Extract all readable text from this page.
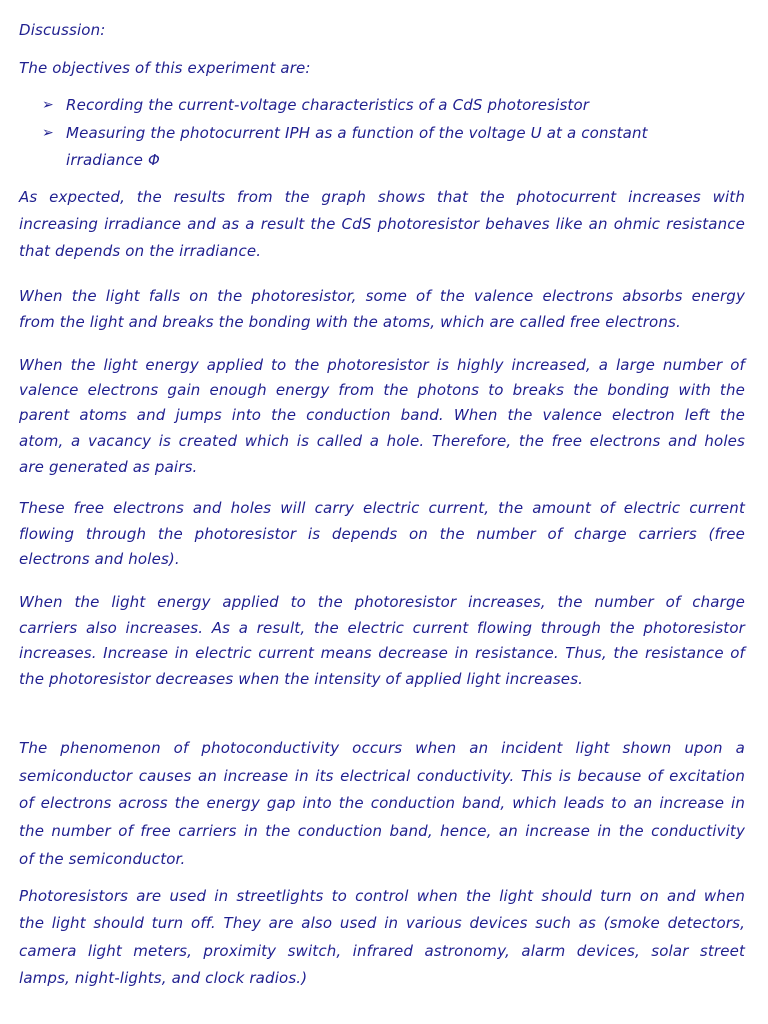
Discussion:
The objectives of this experiment are:
➢ Recording the current-voltage characteristics of a CdS photoresistor
➢ Measuring the photocurrent IPH as a function of the voltage U at a constant
irradiance Φ
As expected, the results from the graph shows that the photocurrent increases with
increasing irradiance and as a result the CdS photoresistor behaves like an ohmic resistance
that depends on the irradiance.
When the light falls on the photoresistor, some of the valence electrons absorbs energy
from the light and breaks the bonding with the atoms, which are called free electrons.
When the light energy applied to the photoresistor is highly increased, a large number of
valence electrons gain enough energy from the photons to breaks the bonding with the
parent atoms and jumps into the conduction band. When the valence electron left the
atom, a vacancy is created which is called a hole. Therefore, the free electrons and holes
are generated as pairs.
These free electrons and holes will carry electric current, the amount of electric current
flowing through the photoresistor is depends on the number of charge carriers (free
electrons and holes).
When the light energy applied to the photoresistor increases, the number of charge
carriers also increases. As a result, the electric current flowing through the photoresistor
increases. Increase in electric current means decrease in resistance. Thus, the resistance of
the photoresistor decreases when the intensity of applied light increases.
The phenomenon of photoconductivity occurs when an incident light shown upon a
semiconductor causes an increase in its electrical conductivity. This is because of excitation
of electrons across the energy gap into the conduction band, which leads to an increase in
the number of free carriers in the conduction band, hence, an increase in the conductivity
of the semiconductor.
Photoresistors are used in streetlights to control when the light should turn on and when
the light should turn off. They are also used in various devices such as (smoke detectors,
camera light meters, proximity switch, infrared astronomy, alarm devices, solar street
lamps, night-lights, and clock radios.)
